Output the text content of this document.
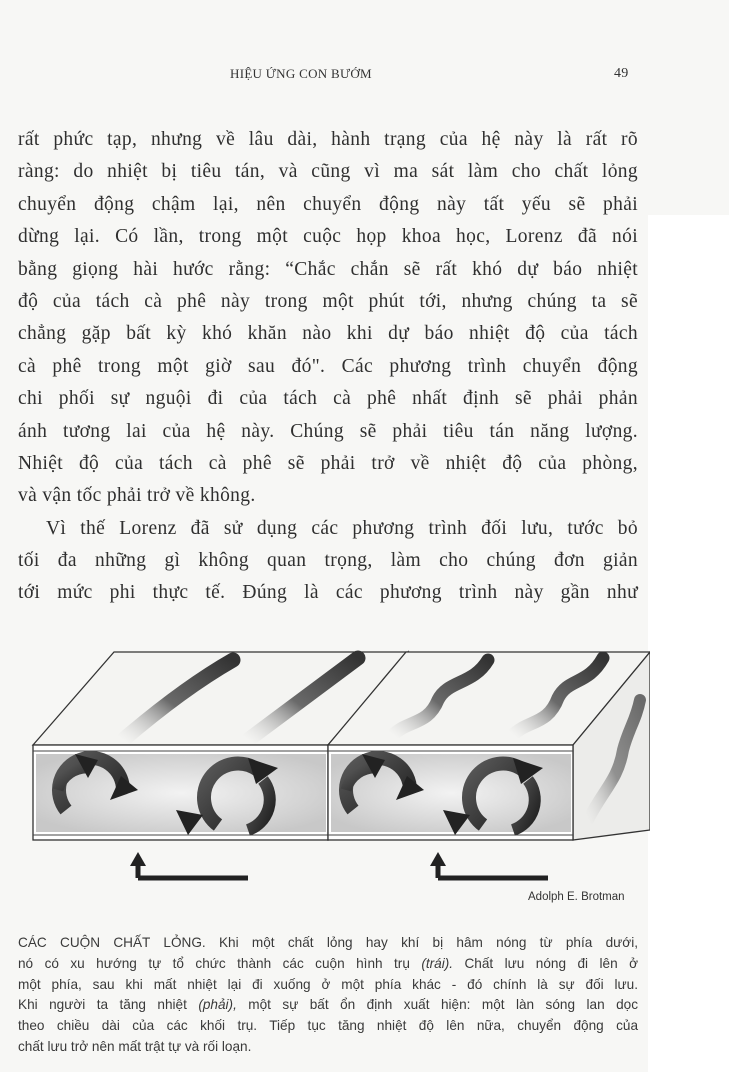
HIỆU ỨNG CON BƯỚM	49
rất phức tạp, nhưng về lâu dài, hành trạng của hệ này là rất rõ
ràng: do nhiệt bị tiêu tán, và cũng vì ma sát làm cho chất lỏng
chuyển động chậm lại, nên chuyển động này tất yếu sẽ phải
dừng lại. Có lần, trong một cuộc họp khoa học, Lorenz đã nói
bằng giọng hài hước rằng: “Chắc chắn sẽ rất khó dự báo nhiệt
độ của tách cà phê này trong một phút tới, nhưng chúng ta sẽ
chẳng gặp bất kỳ khó khăn nào khi dự báo nhiệt độ của tách
cà phê trong một giờ sau đó". Các phương trình chuyển động
chi phối sự nguội đi của tách cà phê nhất định sẽ phải phản
ánh tương lai của hệ này. Chúng sẽ phải tiêu tán năng lượng.
Nhiệt độ của tách cà phê sẽ phải trở về nhiệt độ của phòng,
và vận tốc phải trở về không.
Vì thế Lorenz đã sử dụng các phương trình đối lưu, tước bỏ
tối đa những gì không quan trọng, làm cho chúng đơn giản
tới mức phi thực tế. Đúng là các phương trình này gần như
Adolph E. Brotman
CÁC CUỘN CHẤT LỎNG. Khi một chất lỏng hay khí bị hâm nóng từ phía dưới,
nó có xu hướng tự tổ chức thành các cuộn hình trụ (trái). Chất lưu nóng đi lên ở
một phía, sau khi mất nhiệt lại đi xuống ở một phía khác - đó chính là sự đối lưu.
Khi người ta tăng nhiệt (phải), một sự bất ổn định xuất hiện: một làn sóng lan dọc
theo chiều dài của các khối trụ. Tiếp tục tăng nhiệt độ lên nữa, chuyển động của
chất lưu trở nên mất trật tự và rối loạn.
